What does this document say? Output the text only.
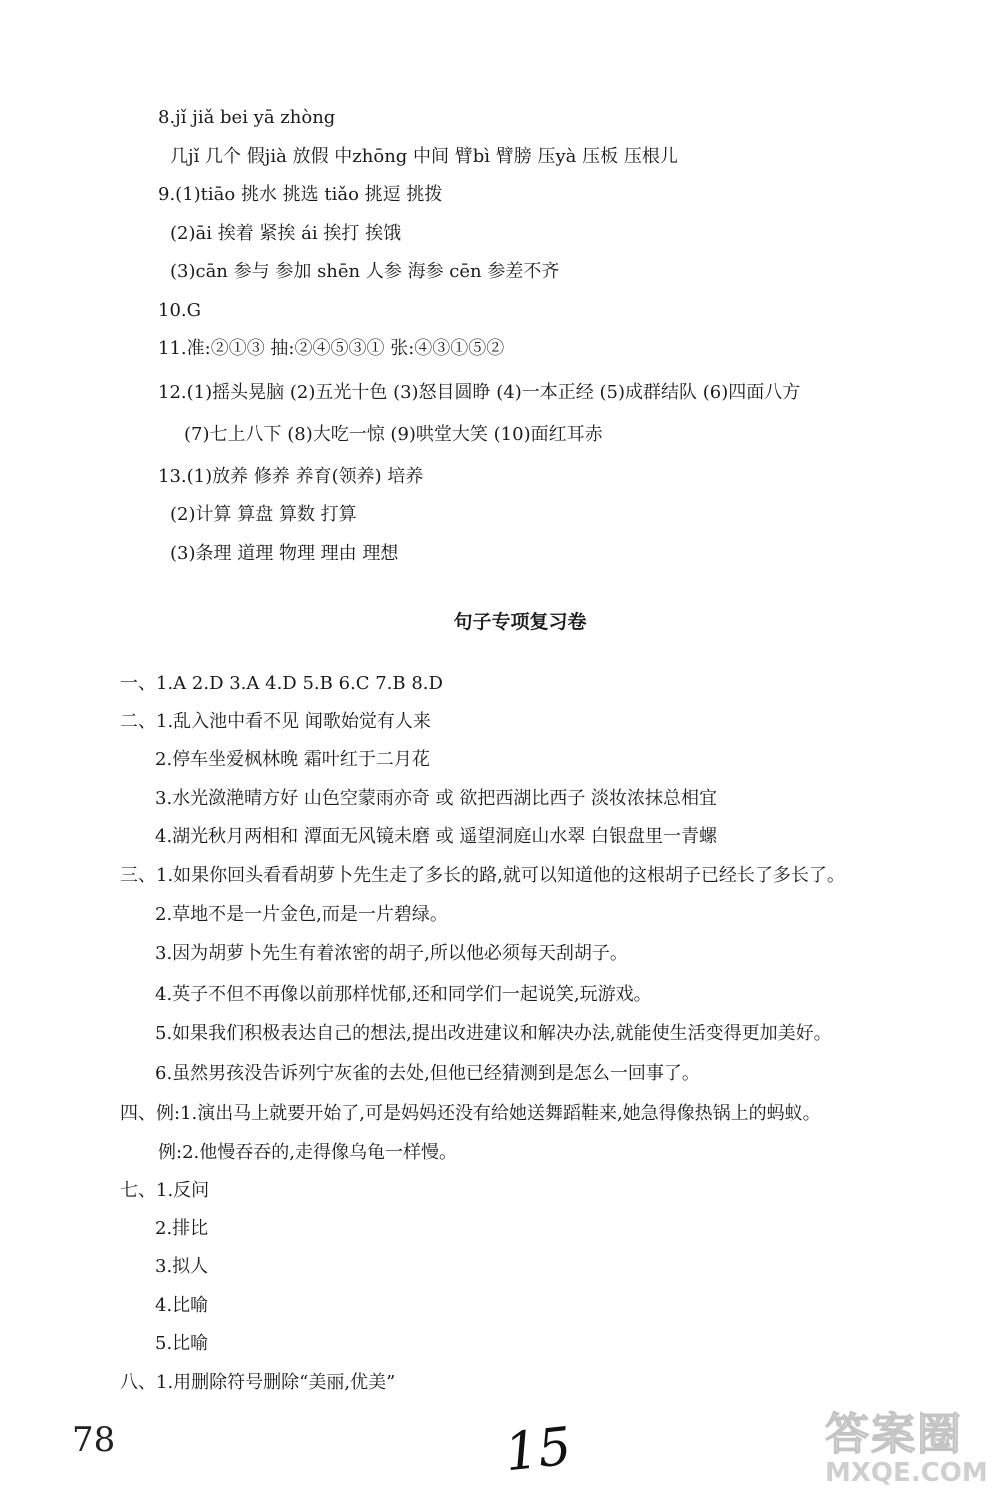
8.jǐ jiǎ bei yā zhòng
几jǐ 几个 假jià 放假 中zhōng 中间 臂bì 臂膀 压yà 压板 压根儿
9.(1)tiāo 挑水 挑选 tiǎo 挑逗 挑拨
(2)āi 挨着 紧挨 ái 挨打 挨饿
(3)cān 参与 参加 shēn 人参 海参 cēn 参差不齐
10.G
11.准:②①③ 抽:②④⑤③① 张:④③①⑤②
12.(1)摇头晃脑 (2)五光十色 (3)怒目圆睁 (4)一本正经 (5)成群结队 (6)四面八方
(7)七上八下 (8)大吃一惊 (9)哄堂大笑 (10)面红耳赤
13.(1)放养 修养 养育(领养) 培养
(2)计算 算盘 算数 打算
(3)条理 道理 物理 理由 理想
句子专项复习卷
一、1.A 2.D 3.A 4.D 5.B 6.C 7.B 8.D
二、1.乱入池中看不见 闻歌始觉有人来
2.停车坐爱枫林晚 霜叶红于二月花
3.水光潋滟晴方好 山色空蒙雨亦奇 或 欲把西湖比西子 淡妆浓抹总相宜
4.湖光秋月两相和 潭面无风镜未磨 或 遥望洞庭山水翠 白银盘里一青螺
三、1.如果你回头看看胡萝卜先生走了多长的路,就可以知道他的这根胡子已经长了多长了。
2.草地不是一片金色,而是一片碧绿。
3.因为胡萝卜先生有着浓密的胡子,所以他必须每天刮胡子。
4.英子不但不再像以前那样忧郁,还和同学们一起说笑,玩游戏。
5.如果我们积极表达自己的想法,提出改进建议和解决办法,就能使生活变得更加美好。
6.虽然男孩没告诉列宁灰雀的去处,但他已经猜测到是怎么一回事了。
四、例:1.演出马上就要开始了,可是妈妈还没有给她送舞蹈鞋来,她急得像热锅上的蚂蚁。
例:2.他慢吞吞的,走得像乌龟一样慢。
七、1.反问
2.排比
3.拟人
4.比喻
5.比喻
八、1.用删除符号删除“美丽,优美”
78	15	答案圈
MXQE.COM
